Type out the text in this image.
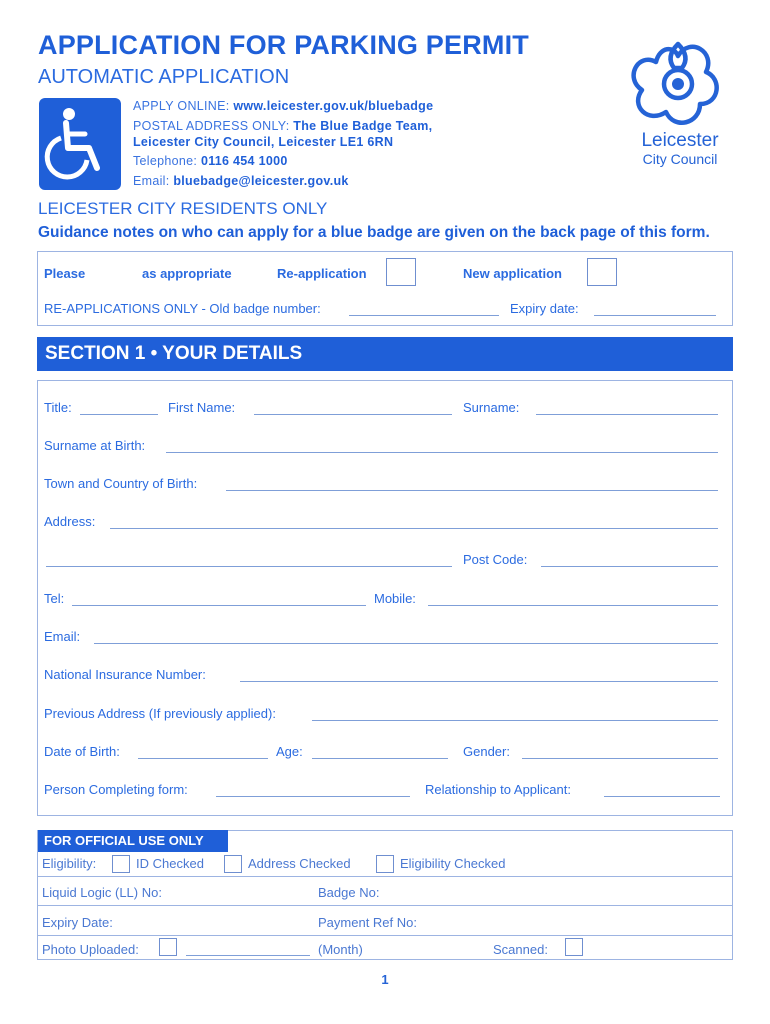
APPLICATION FOR PARKING PERMIT
AUTOMATIC APPLICATION
APPLY ONLINE: www.leicester.gov.uk/bluebadge
POSTAL ADDRESS ONLY: The Blue Badge Team,
Leicester City Council, Leicester LE1 6RN
Telephone: 0116 454 1000
Email: bluebadge@leicester.gov.uk
Leicester
City Council
LEICESTER CITY RESIDENTS ONLY
Guidance notes on who can apply for a blue badge are given on the back page of this form.
Please	as appropriate	Re-application	New application
RE-APPLICATIONS ONLY - Old badge number:	Expiry date:
SECTION 1 • YOUR DETAILS
Title:	First Name:	Surname:
Surname at Birth:
Town and Country of Birth:
Address:
Post Code:
Tel:	Mobile:
Email:
National Insurance Number:
Previous Address (If previously applied):
Date of Birth:	Age:	Gender:
Person Completing form:	Relationship to Applicant:
FOR OFFICIAL USE ONLY
Eligibility:	ID Checked	Address Checked	Eligibility Checked
Liquid Logic (LL) No:	Badge No:
Expiry Date:	Payment Ref No:
Photo Uploaded:	(Month)	Scanned:
1
